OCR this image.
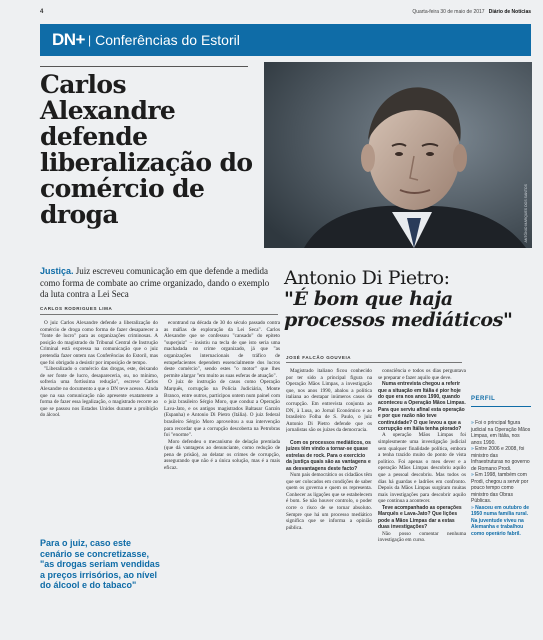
4	Quarta-feira 30 de maio de 2017 Diário de Notícias
DN+ | Conferências do Estoril
Carlos Alexandre defende liberalização do comércio de droga	ANTÓNIO MARQUES DOS SANTOS
Justiça. Juiz escreveu comunicação em que defende a medida como forma de combate ao crime organizado, dando o exemplo da luta contra a Lei Seca
CARLOS RODRIGUES LIMA

O juiz Carlos Alexandre defende a liberalização do comércio de droga como forma de fazer desaparecer a "fonte de lucro" para as organizações criminosas. A posição do magistrado do Tribunal Central de Instrução Criminal está expressa na comunicação que o juiz pretendia fazer ontem nas Conferências do Estoril, mas que foi obrigado a desistir por imposição de tempo.

"Liberalizado o comércio das drogas, este, deixando de ser fonte de lucro, desapareceria, ou, no mínimo, sofreria uma fortíssima redução", escreve Carlos Alexandre no documento a que o DN teve acesso. Ainda que na sua comunicação não apresente exatamente a forma de fazer essa legalização, o magistrado recorre ao que se passou nos Estados Unidos durante a proibição do álcool.

Para o juiz, caso este cenário se concretizasse, "as drogas seriam vendidas a preços irrisórios, ao nível do álcool e do tabaco"

econtrand na década de 30 do século passado contra as máfias de exploração da Lei Seca". Carlos Alexandre que se confessou "cansado" do epíteto "superjuiz" – insistiu na tecla de que isto seria uma machadada no crime organizado, já que "as organizações internacionais de tráfico de estupefacientes dependem essencialmente dos lucros deste comércio", sendo estes "o motor" que lhes permite alargar "em muito as suas esferas de atuação".

O juiz de instrução de casos como Operação Marquês, corrupção na Polícia Judiciária, Monte Branco, entre outros, participou ontem num painel com o juiz brasileiro Sérgio Moro, que conduz a Operação Lava-Jato, e os antigos magistrados Baltasar Garzón (Espanha) e Antonio Di Pietro (Itália). O juiz federal brasileiro Sérgio Moro aproveitou a sua intervenção para recordar que a corrupção descoberta na Petrobras foi "enorme".

Moro defendeu o mecanismo de delação premiada (que dá vantagens ao denunciante, como redução de pena de prisão), ao delatar os crimes de corrupção, assegurando que não é a única solução, mas é a mais eficaz.

Antonio Di Pietro:
"É bom que haja processos mediáticos"
JOSÉ FALCÃO GOUVEIA

Magistrado italiano ficou conhecido por ter sido a principal figura na Operação Mãos Limpas, a investigação que, nos anos 1990, abalou a política italiana ao destapar inúmeros casos de corrupção. Em entrevista conjunta ao DN, à Lusa, ao Jornal Económico e ao brasileiro Folha de S. Paulo, o juiz Antonio Di Pietro defende que os jornalistas são os juízes da democracia.

Com os processos mediáticos, os juízes têm vindo a tornar-se quase estrelas de rock. Para o exercício da justiça quais são as vantagens e as desvantagens deste facto?

Num país democrático os cidadãos têm que ser colocados em condições de saber quem os governa e quem os representa. Conhecer as ligações que se estabelecem é bom. Se não houver controlo, o poder corre o risco de se tornar absoluto. Sempre que há um processo mediático significa que se informa a opinião pública.

consciência e todos os dias perguntava se preparar e fazer aquilo que deve.

Numa entrevista chegou a referir que a situação em Itália é pior hoje do que era nos anos 1990, quando aconteceu a Operação Mãos Limpas. Para que serviu afinal esta operação e por que razão não teve continuidade? O que levou a que a corrupção em Itália tenha piorado?

A operação Mãos Limpas foi simplesmente uma investigação judicial sem qualquer finalidade política, embora a tenha trazido muito do ponto de vista político. Foi apenas o meu dever e a operação Mãos Limpas descobriu aquilo que a pessoal descobriu. Mas todos os dias há guardas e ladrões em confronto. Depois da Mãos Limpas surgiram muitas mais investigações para descobrir aquilo que continua a acontecer.

Teve acompanhado as operações Marquês e Lava-Jato? Que lições pode a Mãos Limpas dar a estas duas investigações?

Não posso comentar nenhuma investigação em curso.

PERFIL

» Foi o principal figura judicial na Operação Mãos Limpas, em Itália, nos anos 1990.

» Entre 2006 e 2008, foi ministro das Infraestruturas no governo de Romano Prodi.

» Em 1998, também com Prodi, chegou a servir por pouco tempo como ministro das Obras Públicas.

» Nasceu em outubro de 1950 numa família rural. Na juventude viveu na Alemanha e trabalhou como operário fabril.
